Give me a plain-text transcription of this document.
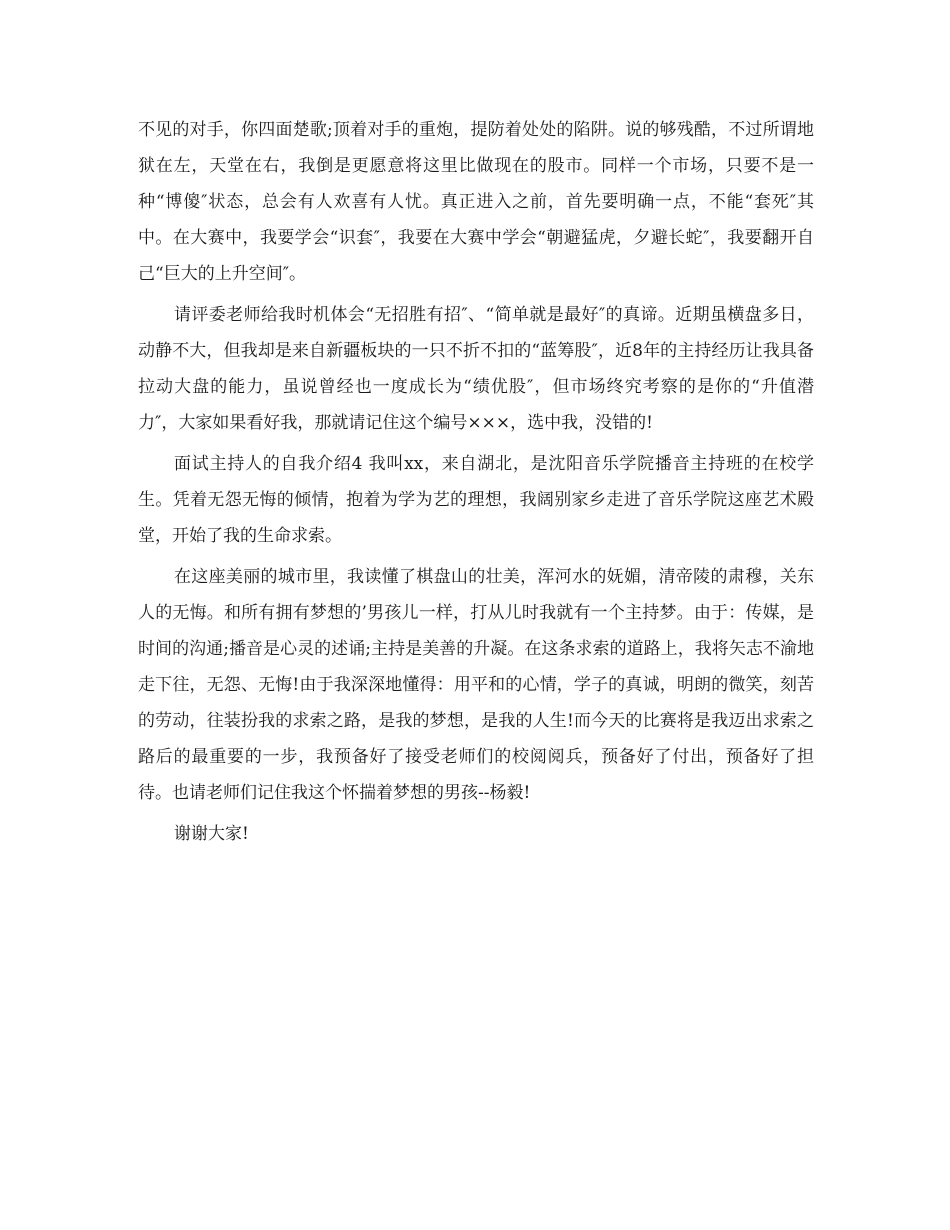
不见的对手，你四面楚歌;顶着对手的重炮，提防着处处的陷阱。说的够残酷，不过所谓地狱在左，天堂在右，我倒是更愿意将这里比做现在的股市。同样一个市场，只要不是一种“博傻″状态，总会有人欢喜有人忧。真正进入之前，首先要明确一点，不能“套死″其中。在大赛中，我要学会“识套″，我要在大赛中学会“朝避猛虎，夕避长蛇″，我要翻开自己“巨大的上升空间″。

请评委老师给我时机体会“无招胜有招″、“简单就是最好″的真谛。近期虽横盘多日，动静不大，但我却是来自新疆板块的一只不折不扣的“蓝筹股″，近8年的主持经历让我具备拉动大盘的能力，虽说曾经也一度成长为“绩优股″，但市场终究考察的是你的“升值潜力″，大家如果看好我，那就请记住这个编号×××，选中我，没错的!

面试主持人的自我介绍4 我叫xx，来自湖北，是沈阳音乐学院播音主持班的在校学生。凭着无怨无悔的倾情，抱着为学为艺的理想，我阔别家乡走进了音乐学院这座艺术殿堂，开始了我的生命求索。

在这座美丽的城市里，我读懂了棋盘山的壮美，浑河水的妩媚，清帝陵的肃穆，关东人的无悔。和所有拥有梦想的’男孩儿一样，打从儿时我就有一个主持梦。由于：传媒，是时间的沟通;播音是心灵的述诵;主持是美善的升凝。在这条求索的道路上，我将矢志不渝地走下往，无怨、无悔!由于我深深地懂得：用平和的心情，学子的真诚，明朗的微笑，刻苦的劳动，往装扮我的求索之路，是我的梦想，是我的人生!而今天的比赛将是我迈出求索之路后的最重要的一步，我预备好了接受老师们的校阅阅兵，预备好了付出，预备好了担待。也请老师们记住我这个怀揣着梦想的男孩--杨毅!

谢谢大家!
